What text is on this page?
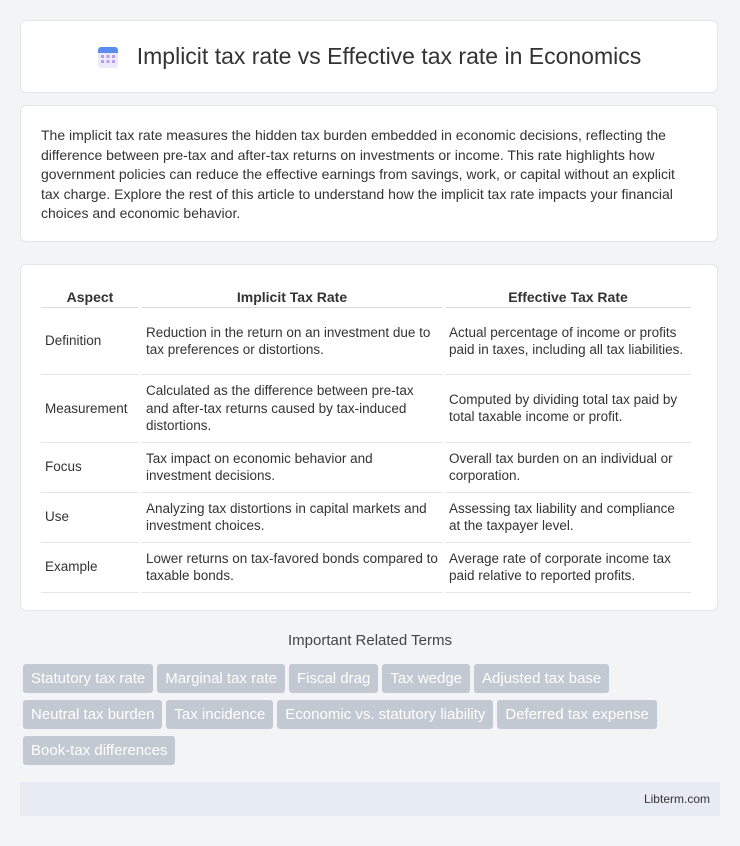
Implicit tax rate vs Effective tax rate in Economics

The implicit tax rate measures the hidden tax burden embedded in economic decisions, reflecting the difference between pre-tax and after-tax returns on investments or income. This rate highlights how government policies can reduce the effective earnings from savings, work, or capital without an explicit tax charge. Explore the rest of this article to understand how the implicit tax rate impacts your financial choices and economic behavior.

Aspect	Implicit Tax Rate	Effective Tax Rate
Definition	Reduction in the return on an investment due to tax preferences or distortions.	Actual percentage of income or profits paid in taxes, including all tax liabilities.
Measurement	Calculated as the difference between pre-tax and after-tax returns caused by tax-induced distortions.	Computed by dividing total tax paid by total taxable income or profit.
Focus	Tax impact on economic behavior and investment decisions.	Overall tax burden on an individual or corporation.
Use	Analyzing tax distortions in capital markets and investment choices.	Assessing tax liability and compliance at the taxpayer level.
Example	Lower returns on tax-favored bonds compared to taxable bonds.	Average rate of corporate income tax paid relative to reported profits.
Important Related Terms
Statutory tax rate Marginal tax rate Fiscal drag Tax wedge Adjusted tax base
Neutral tax burden Tax incidence Economic vs. statutory liability Deferred tax expense
Book-tax differences
Libterm.com
